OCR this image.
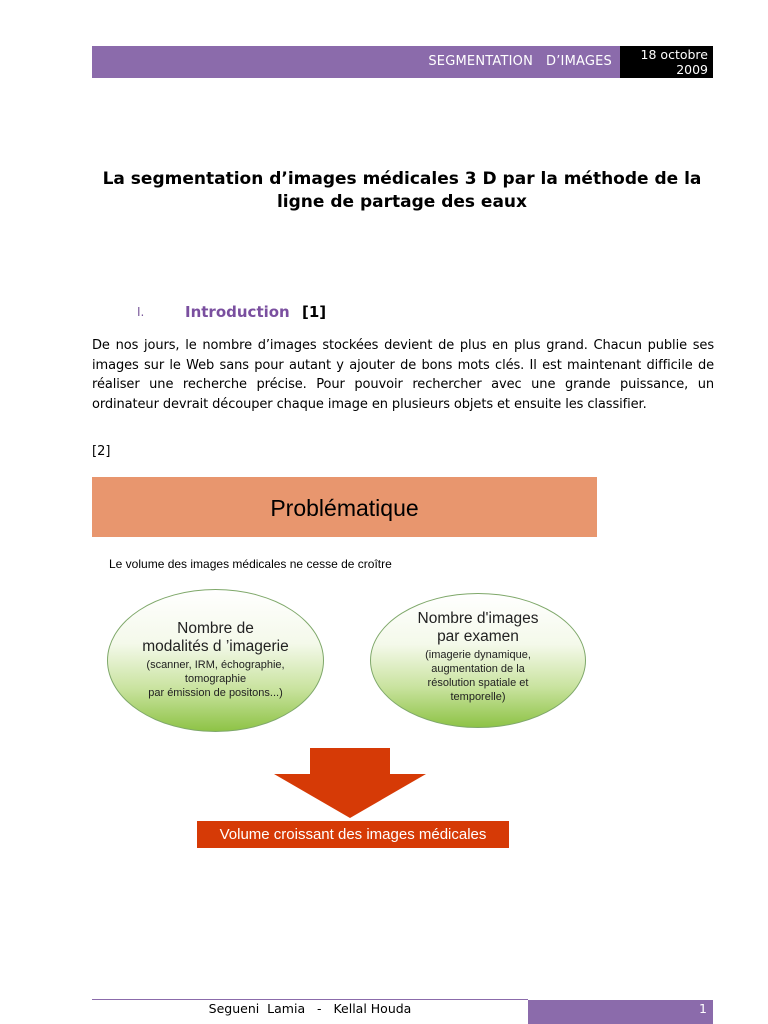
SEGMENTATION   D’IMAGES	18 octobre
2009
La segmentation d’images médicales 3 D par la méthode de la ligne de partage des eaux
I.	Introduction [1]

De nos jours, le nombre d’images stockées devient de plus en plus grand. Chacun publie ses images sur le Web sans pour autant y ajouter de bons mots clés. Il est maintenant difficile de réaliser une recherche précise. Pour pouvoir rechercher avec une grande puissance, un ordinateur devrait découper chaque image en plusieurs objets et ensuite les classifier.

[2]
Problématique
Le volume des images médicales ne cesse de croître
Nombre de
modalités d ’imagerie
(scanner, IRM, échographie,
tomographie
par émission de positons...)
Nombre d'images
par examen
(imagerie dynamique,
augmentation de la
résolution spatiale et
temporelle)
Volume croissant des images médicales
Segueni  Lamia   -   Kellal Houda	1
